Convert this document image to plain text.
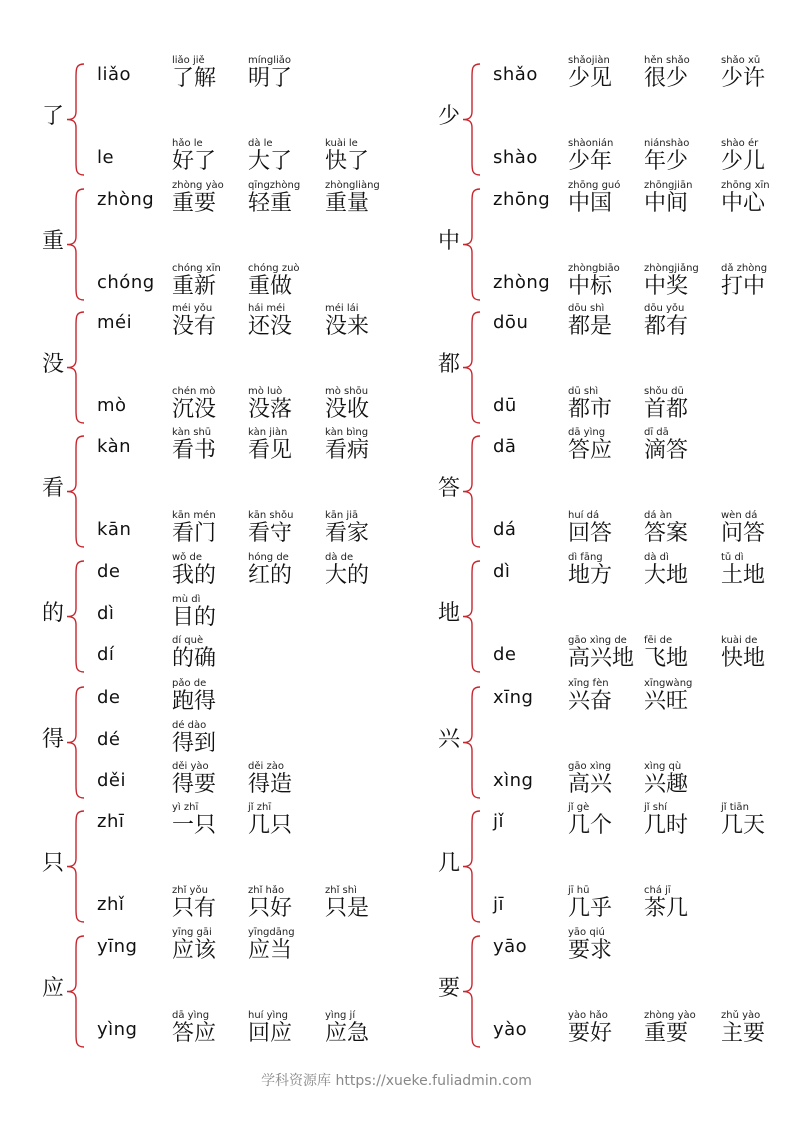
了
liǎo
liǎo jiě
了解
míngliǎo
明了
le
hǎo le
好了
dà le
大了
kuài le
快了
重
zhòng
zhòng yào
重要
qīngzhòng
轻重
zhòngliàng
重量
chóng
chóng xīn
重新
chóng zuò
重做
没
méi
méi yǒu
没有
hái méi
还没
méi lái
没来
mò
chén mò
沉没
mò luò
没落
mò shōu
没收
看
kàn
kàn shū
看书
kàn jiàn
看见
kàn bìng
看病
kān
kān mén
看门
kān shǒu
看守
kān jiā
看家
的
de
wǒ de
我的
hóng de
红的
dà de
大的
dì
mù dì
目的
dí
dí què
的确
得
de
pǎo de
跑得
dé
dé dào
得到
děi
děi yào
得要
děi zào
得造
只
zhī
yì zhī
一只
jǐ zhī
几只
zhǐ
zhǐ yǒu
只有
zhǐ hǎo
只好
zhǐ shì
只是
应
yīng
yīng gāi
应该
yīngdāng
应当
yìng
dā yìng
答应
huí yìng
回应
yìng jí
应急
少
shǎo
shǎojiàn
少见
hěn shǎo
很少
shǎo xǔ
少许
shào
shàonián
少年
niánshào
年少
shào ér
少儿
中
zhōng
zhōng guó
中国
zhōngjiān
中间
zhōng xīn
中心
zhòng
zhòngbiāo
中标
zhòngjiǎng
中奖
dǎ zhòng
打中
都
dōu
dōu shì
都是
dōu yǒu
都有
dū
dū shì
都市
shǒu dū
首都
答
dā
dā yìng
答应
dī dā
滴答
dá
huí dá
回答
dá àn
答案
wèn dá
问答
地
dì
dì fāng
地方
dà dì
大地
tǔ dì
土地
de
gāo xìng de
高兴地
fēi de
飞地
kuài de
快地
兴
xīng
xīng fèn
兴奋
xīngwàng
兴旺
xìng
gāo xìng
高兴
xìng qù
兴趣
几
jǐ
jǐ gè
几个
jǐ shí
几时
jǐ tiān
几天
jī
jī hū
几乎
chá jī
茶几
要
yāo
yāo qiú
要求
yào
yào hǎo
要好
zhòng yào
重要
zhǔ yào
主要
学科资源库 https://xueke.fuliadmin.com
